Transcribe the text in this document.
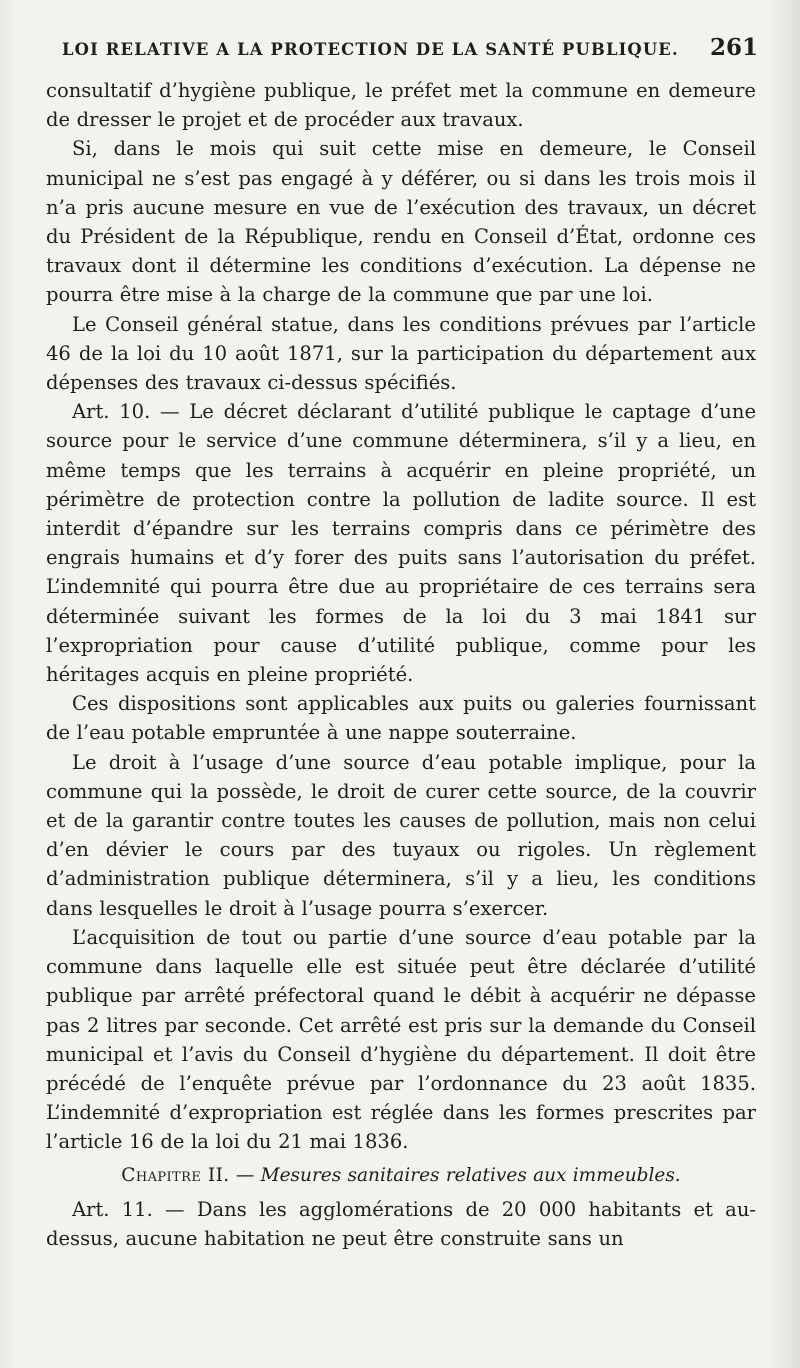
LOI RELATIVE A LA PROTECTION DE LA SANTÉ PUBLIQUE. 261

consultatif d’hygiène publique, le préfet met la commune en demeure de dresser le projet et de procéder aux travaux.

Si, dans le mois qui suit cette mise en demeure, le Conseil municipal ne s’est pas engagé à y déférer, ou si dans les trois mois il n’a pris aucune mesure en vue de l’exécution des travaux, un décret du Président de la République, rendu en Conseil d’État, ordonne ces travaux dont il détermine les conditions d’exécution. La dépense ne pourra être mise à la charge de la commune que par une loi.

Le Conseil général statue, dans les conditions prévues par l’article 46 de la loi du 10 août 1871, sur la participation du département aux dépenses des travaux ci-dessus spécifiés.

Art. 10. — Le décret déclarant d’utilité publique le captage d’une source pour le service d’une commune déterminera, s’il y a lieu, en même temps que les terrains à acquérir en pleine propriété, un périmètre de protection contre la pollution de ladite source. Il est interdit d’épandre sur les terrains compris dans ce périmètre des engrais humains et d’y forer des puits sans l’autorisation du préfet. L’indemnité qui pourra être due au propriétaire de ces terrains sera déterminée suivant les formes de la loi du 3 mai 1841 sur l’expropriation pour cause d’utilité publique, comme pour les héritages acquis en pleine propriété.

Ces dispositions sont applicables aux puits ou galeries fournissant de l’eau potable empruntée à une nappe souterraine.

Le droit à l’usage d’une source d’eau potable implique, pour la commune qui la possède, le droit de curer cette source, de la couvrir et de la garantir contre toutes les causes de pollution, mais non celui d’en dévier le cours par des tuyaux ou rigoles. Un règlement d’administration publique déterminera, s’il y a lieu, les conditions dans lesquelles le droit à l’usage pourra s’exercer.

L’acquisition de tout ou partie d’une source d’eau potable par la commune dans laquelle elle est située peut être déclarée d’utilité publique par arrêté préfectoral quand le débit à acquérir ne dépasse pas 2 litres par seconde. Cet arrêté est pris sur la demande du Conseil municipal et l’avis du Conseil d’hygiène du département. Il doit être précédé de l’enquête prévue par l’ordonnance du 23 août 1835. L’indemnité d’expropriation est réglée dans les formes prescrites par l’article 16 de la loi du 21 mai 1836.

Chapitre II. — Mesures sanitaires relatives aux immeubles.

Art. 11. — Dans les agglomérations de 20 000 habitants et au-dessus, aucune habitation ne peut être construite sans un
